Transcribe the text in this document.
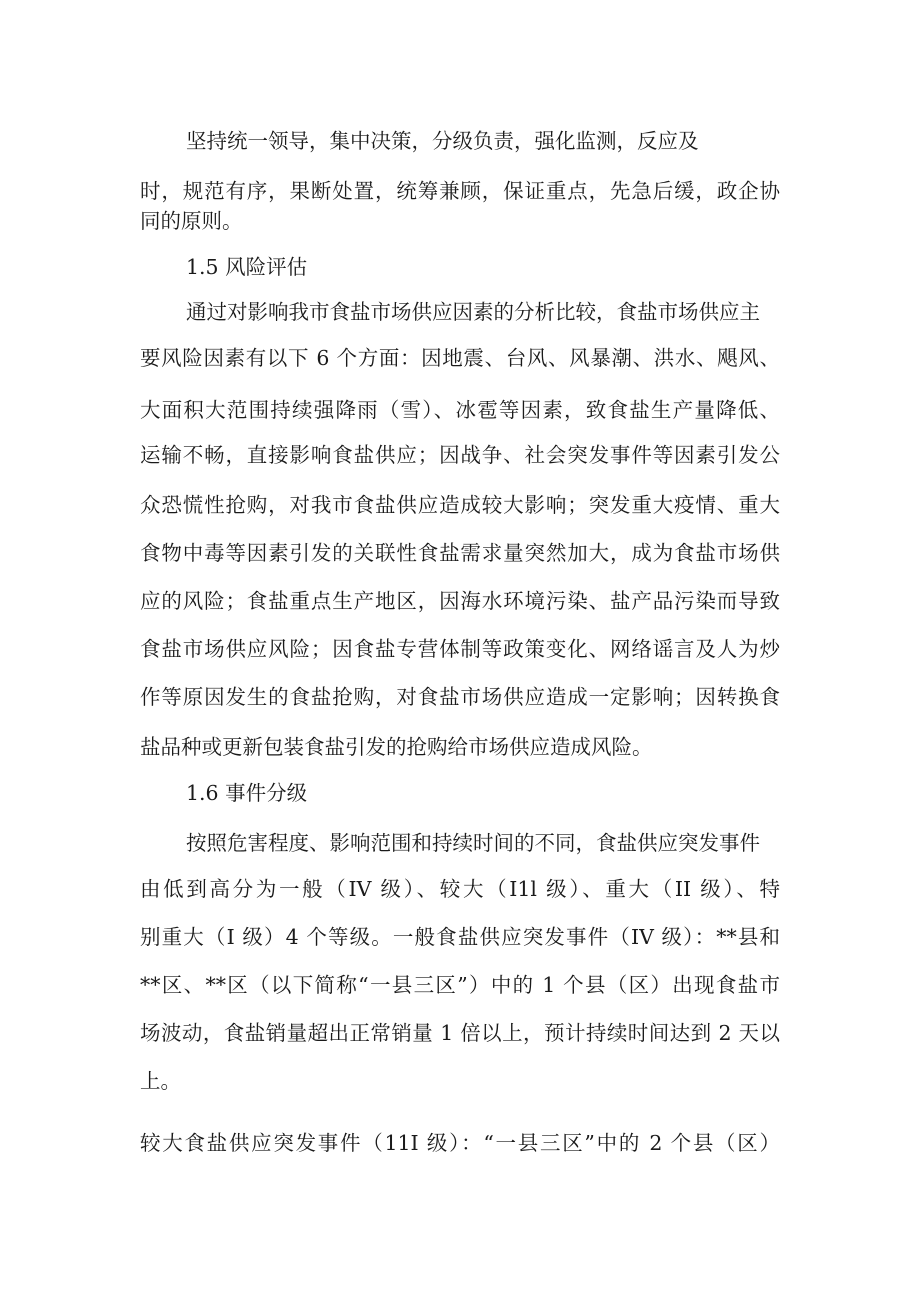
坚持统一领导，集中决策，分级负责，强化监测，反应及

时，规范有序，果断处置，统筹兼顾，保证重点，先急后缓，政企协

同的原则。

1.5 风险评估

通过对影响我市食盐市场供应因素的分析比较，食盐市场供应主

要风险因素有以下 6 个方面：因地震、台风、风暴潮、洪水、飓风、

大面积大范围持续强降雨（雪）、冰雹等因素，致食盐生产量降低、

运输不畅，直接影响食盐供应；因战争、社会突发事件等因素引发公

众恐慌性抢购，对我市食盐供应造成较大影响；突发重大疫情、重大

食物中毒等因素引发的关联性食盐需求量突然加大，成为食盐市场供

应的风险；食盐重点生产地区，因海水环境污染、盐产品污染而导致

食盐市场供应风险；因食盐专营体制等政策变化、网络谣言及人为炒

作等原因发生的食盐抢购，对食盐市场供应造成一定影响；因转换食

盐品种或更新包装食盐引发的抢购给市场供应造成风险。

1.6 事件分级

按照危害程度、影响范围和持续时间的不同，食盐供应突发事件

由低到高分为一般（IV 级）、较大（I1l 级）、重大（II 级）、特

别重大（I 级）4 个等级。一般食盐供应突发事件（IV 级）：**县和

**区、**区（以下简称“一县三区”）中的 1 个县（区）出现食盐市

场波动，食盐销量超出正常销量 1 倍以上，预计持续时间达到 2 天以

上。

较大食盐供应突发事件（11I 级）：“一县三区”中的 2 个县（区）
